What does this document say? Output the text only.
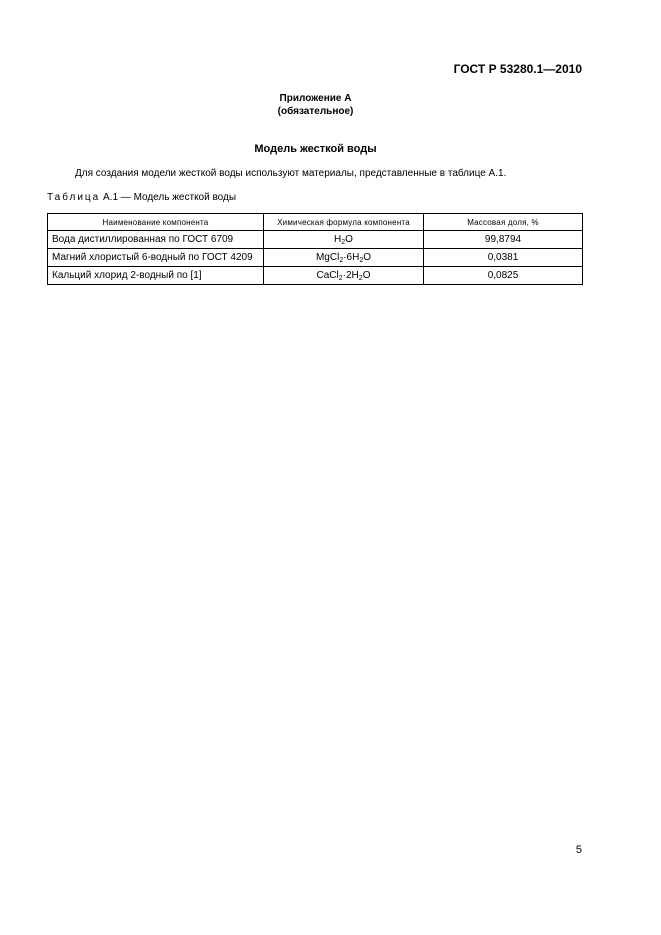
ГОСТ Р 53280.1—2010
Приложение А
(обязательное)
Модель жесткой воды
Для создания модели жесткой воды используют материалы, представленные в таблице А.1.
Таблица А.1 — Модель жесткой воды
Наименование компонента	Химическая формула компонента	Массовая доля, %
Вода дистиллированная по ГОСТ 6709	$H_2O$	99,8794
Магний хлористый 6-водный по ГОСТ 4209	$MgCl_2\cdot 6H_2O$	0,0381
Кальций хлорид 2-водный по [1]	$CaCl_2\cdot 2H_2O$	0,0825
5
